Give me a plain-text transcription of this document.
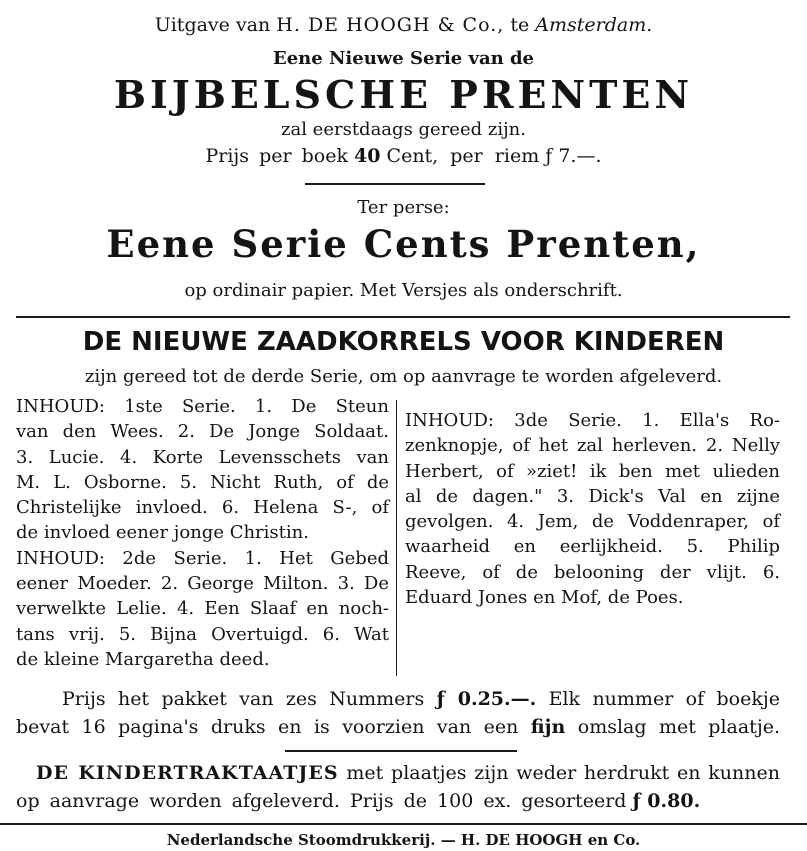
Uitgave van H. DE HOOGH & Co., te Amsterdam.
Eene Nieuwe Serie van de
BIJBELSCHE PRENTEN
zal eerstdaags gereed zijn.
Prijs per boek 40 Cent, per riem ƒ 7.—.
Ter perse:
Eene Serie Cents Prenten,
op ordinair papier. Met Versjes als onderschrift.
DE NIEUWE ZAADKORRELS VOOR KINDEREN
zijn gereed tot de derde Serie, om op aanvrage te worden afgeleverd.

INHOUD: 1ste Serie. 1. De Steun

van den Wees. 2. De Jonge Soldaat.

3. Lucie. 4. Korte Levensschets van

M. L. Osborne. 5. Nicht Ruth, of de

Christelijke invloed. 6. Helena S-, of

de invloed eener jonge Christin.

INHOUD: 2de Serie. 1. Het Gebed

eener Moeder. 2. George Milton. 3. De

verwelkte Lelie. 4. Een Slaaf en noch-

tans vrij. 5. Bijna Overtuigd. 6. Wat

de kleine Margaretha deed.

INHOUD: 3de Serie. 1. Ella's Ro-

zenknopje, of het zal herleven. 2. Nelly

Herbert, of »ziet! ik ben met ulieden

al de dagen." 3. Dick's Val en zijne

gevolgen. 4. Jem, de Voddenraper, of

waarheid en eerlijkheid. 5. Philip

Reeve, of de belooning der vlijt. 6.

Eduard Jones en Mof, de Poes.

Prijs het pakket van zes Nummers ƒ 0.25.—. Elk nummer of boekje
bevat 16 pagina's druks en is voorzien van een fijn omslag met plaatje.
DE KINDERTRAKTAATJES met plaatjes zijn weder herdrukt en kunnen
op aanvrage worden afgeleverd. Prijs de 100 ex. gesorteerd ƒ 0.80.
Nederlandsche Stoomdrukkerij. — H. DE HOOGH en Co.
